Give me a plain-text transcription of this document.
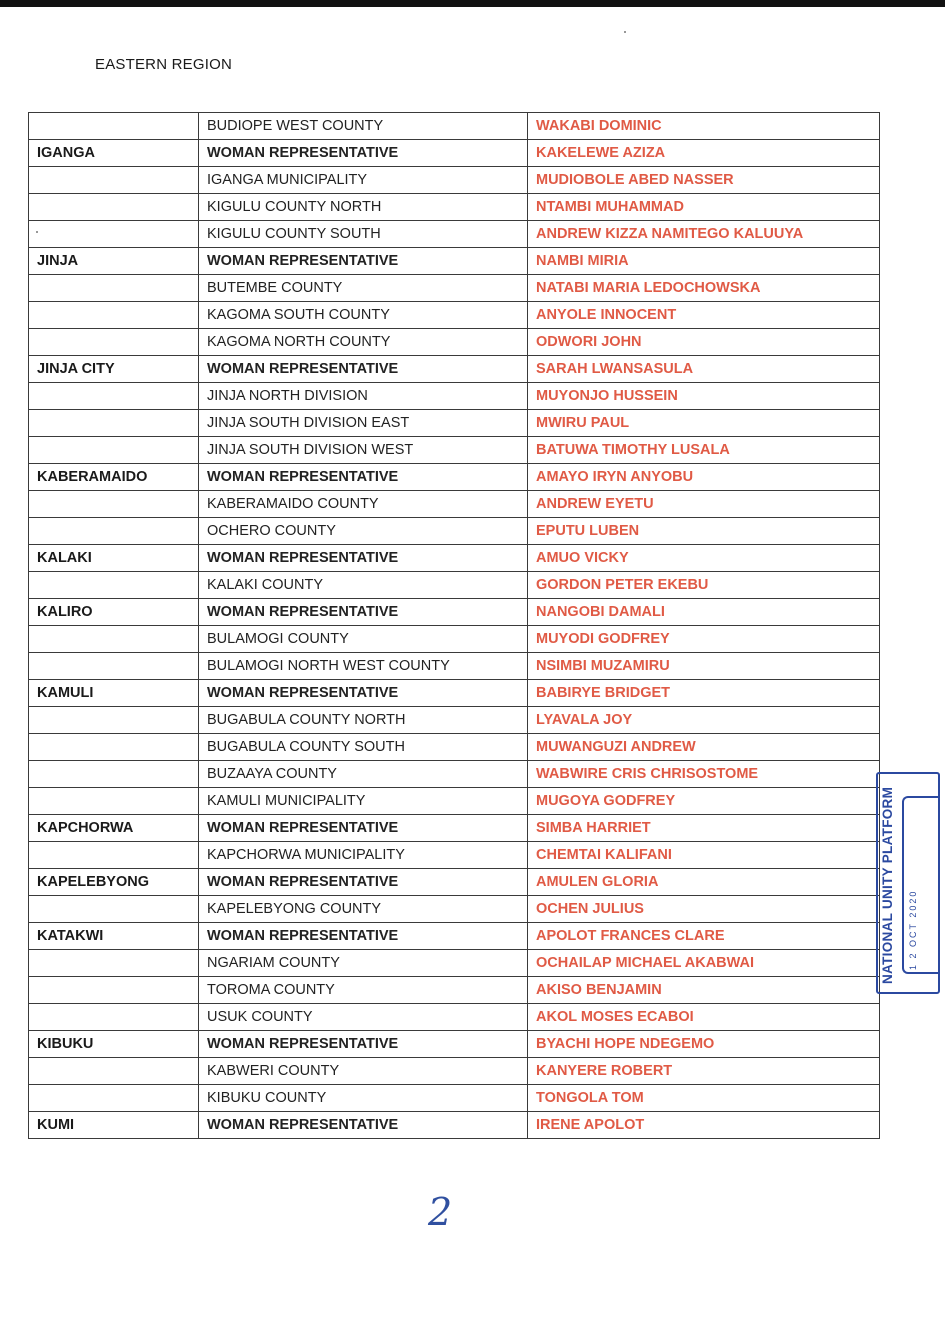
EASTERN REGION
	BUDIOPE WEST COUNTY	WAKABI DOMINIC
IGANGA	WOMAN REPRESENTATIVE	KAKELEWE AZIZA
	IGANGA MUNICIPALITY	MUDIOBOLE ABED NASSER
	KIGULU COUNTY NORTH	NTAMBI MUHAMMAD
	KIGULU COUNTY SOUTH	ANDREW KIZZA NAMITEGO KALUUYA
JINJA	WOMAN REPRESENTATIVE	NAMBI MIRIA
	BUTEMBE COUNTY	NATABI MARIA LEDOCHOWSKA
	KAGOMA SOUTH COUNTY	ANYOLE INNOCENT
	KAGOMA NORTH COUNTY	ODWORI JOHN
JINJA CITY	WOMAN REPRESENTATIVE	SARAH LWANSASULA
	JINJA NORTH DIVISION	MUYONJO HUSSEIN
	JINJA SOUTH DIVISION EAST	MWIRU PAUL
	JINJA SOUTH DIVISION WEST	BATUWA TIMOTHY LUSALA
KABERAMAIDO	WOMAN REPRESENTATIVE	AMAYO IRYN ANYOBU
	KABERAMAIDO COUNTY	ANDREW EYETU
	OCHERO COUNTY	EPUTU LUBEN
KALAKI	WOMAN REPRESENTATIVE	AMUO VICKY
	KALAKI COUNTY	GORDON PETER EKEBU
KALIRO	WOMAN REPRESENTATIVE	NANGOBI DAMALI
	BULAMOGI COUNTY	MUYODI GODFREY
	BULAMOGI NORTH WEST COUNTY	NSIMBI MUZAMIRU
KAMULI	WOMAN REPRESENTATIVE	BABIRYE BRIDGET
	BUGABULA COUNTY NORTH	LYAVALA JOY
	BUGABULA COUNTY SOUTH	MUWANGUZI ANDREW
	BUZAAYA COUNTY	WABWIRE CRIS CHRISOSTOME
	KAMULI MUNICIPALITY	MUGOYA GODFREY
KAPCHORWA	WOMAN REPRESENTATIVE	SIMBA HARRIET
	KAPCHORWA MUNICIPALITY	CHEMTAI KALIFANI
KAPELEBYONG	WOMAN REPRESENTATIVE	AMULEN GLORIA
	KAPELEBYONG COUNTY	OCHEN JULIUS
KATAKWI	WOMAN REPRESENTATIVE	APOLOT FRANCES CLARE
	NGARIAM COUNTY	OCHAILAP MICHAEL AKABWAI
	TOROMA COUNTY	AKISO BENJAMIN
	USUK COUNTY	AKOL MOSES ECABOI
KIBUKU	WOMAN REPRESENTATIVE	BYACHI HOPE NDEGEMO
	KABWERI COUNTY	KANYERE ROBERT
	KIBUKU COUNTY	TONGOLA TOM
KUMI	WOMAN REPRESENTATIVE	IRENE APOLOT
2
NATIONAL UNITY PLATFORM 1 2 OCT 2020
